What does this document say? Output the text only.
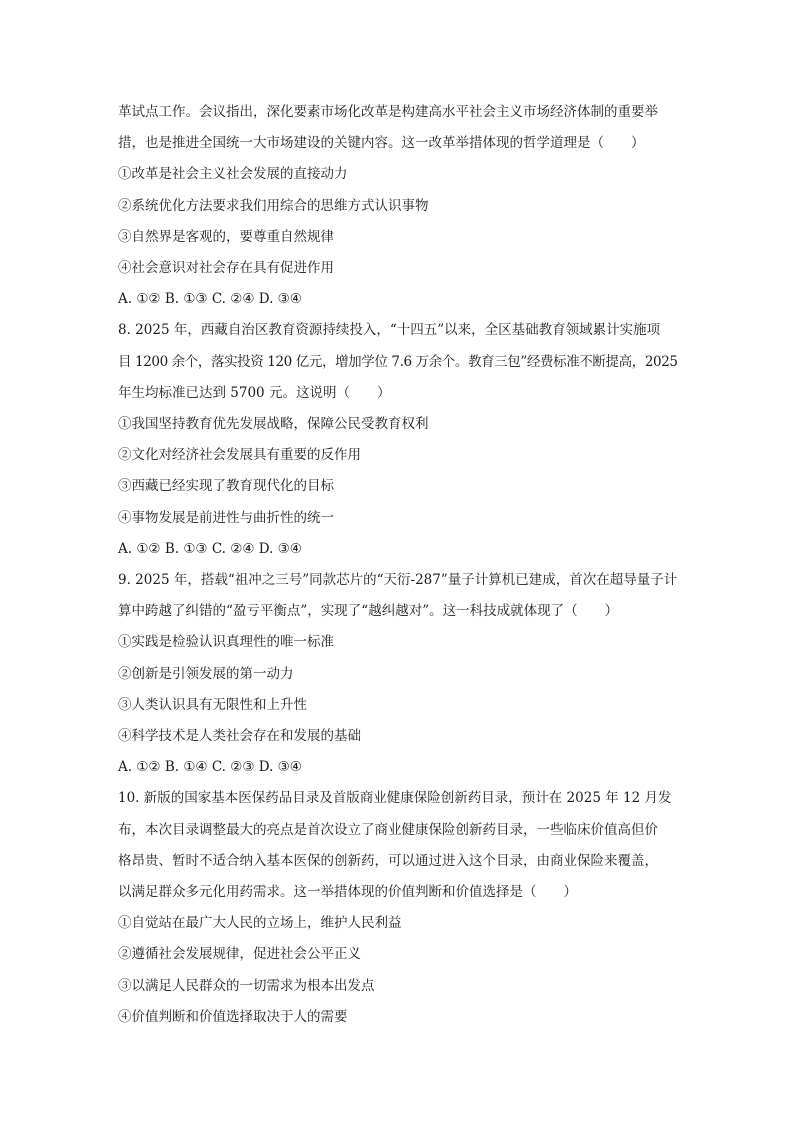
革试点工作。会议指出，深化要素市场化改革是构建高水平社会主义市场经济体制的重要举
措，也是推进全国统一大市场建设的关键内容。这一改革举措体现的哲学道理是（　　）
①改革是社会主义社会发展的直接动力
②系统优化方法要求我们用综合的思维方式认识事物
③自然界是客观的，要尊重自然规律
④社会意识对社会存在具有促进作用
A. ①② B. ①③ C. ②④ D. ③④
8. 2025 年，西藏自治区教育资源持续投入，“十四五”以来，全区基础教育领域累计实施项
目 1200 余个，落实投资 120 亿元，增加学位 7.6 万余个。教育三包”经费标准不断提高，2025
年生均标准已达到 5700 元。这说明（　　）
①我国坚持教育优先发展战略，保障公民受教育权利
②文化对经济社会发展具有重要的反作用
③西藏已经实现了教育现代化的目标
④事物发展是前进性与曲折性的统一
A. ①② B. ①③ C. ②④ D. ③④
9. 2025 年，搭载“祖冲之三号”同款芯片的“天衍-287”量子计算机已建成，首次在超导量子计
算中跨越了纠错的“盈亏平衡点”，实现了“越纠越对”。这一科技成就体现了（　　）
①实践是检验认识真理性的唯一标准
②创新是引领发展的第一动力
③人类认识具有无限性和上升性
④科学技术是人类社会存在和发展的基础
A. ①② B. ①④ C. ②③ D. ③④
10. 新版的国家基本医保药品目录及首版商业健康保险创新药目录，预计在 2025 年 12 月发
布，本次目录调整最大的亮点是首次设立了商业健康保险创新药目录，一些临床价值高但价
格昂贵、暂时不适合纳入基本医保的创新药，可以通过进入这个目录，由商业保险来覆盖，
以满足群众多元化用药需求。这一举措体现的价值判断和价值选择是（　　）
①自觉站在最广大人民的立场上，维护人民利益
②遵循社会发展规律，促进社会公平正义
③以满足人民群众的一切需求为根本出发点
④价值判断和价值选择取决于人的需要
